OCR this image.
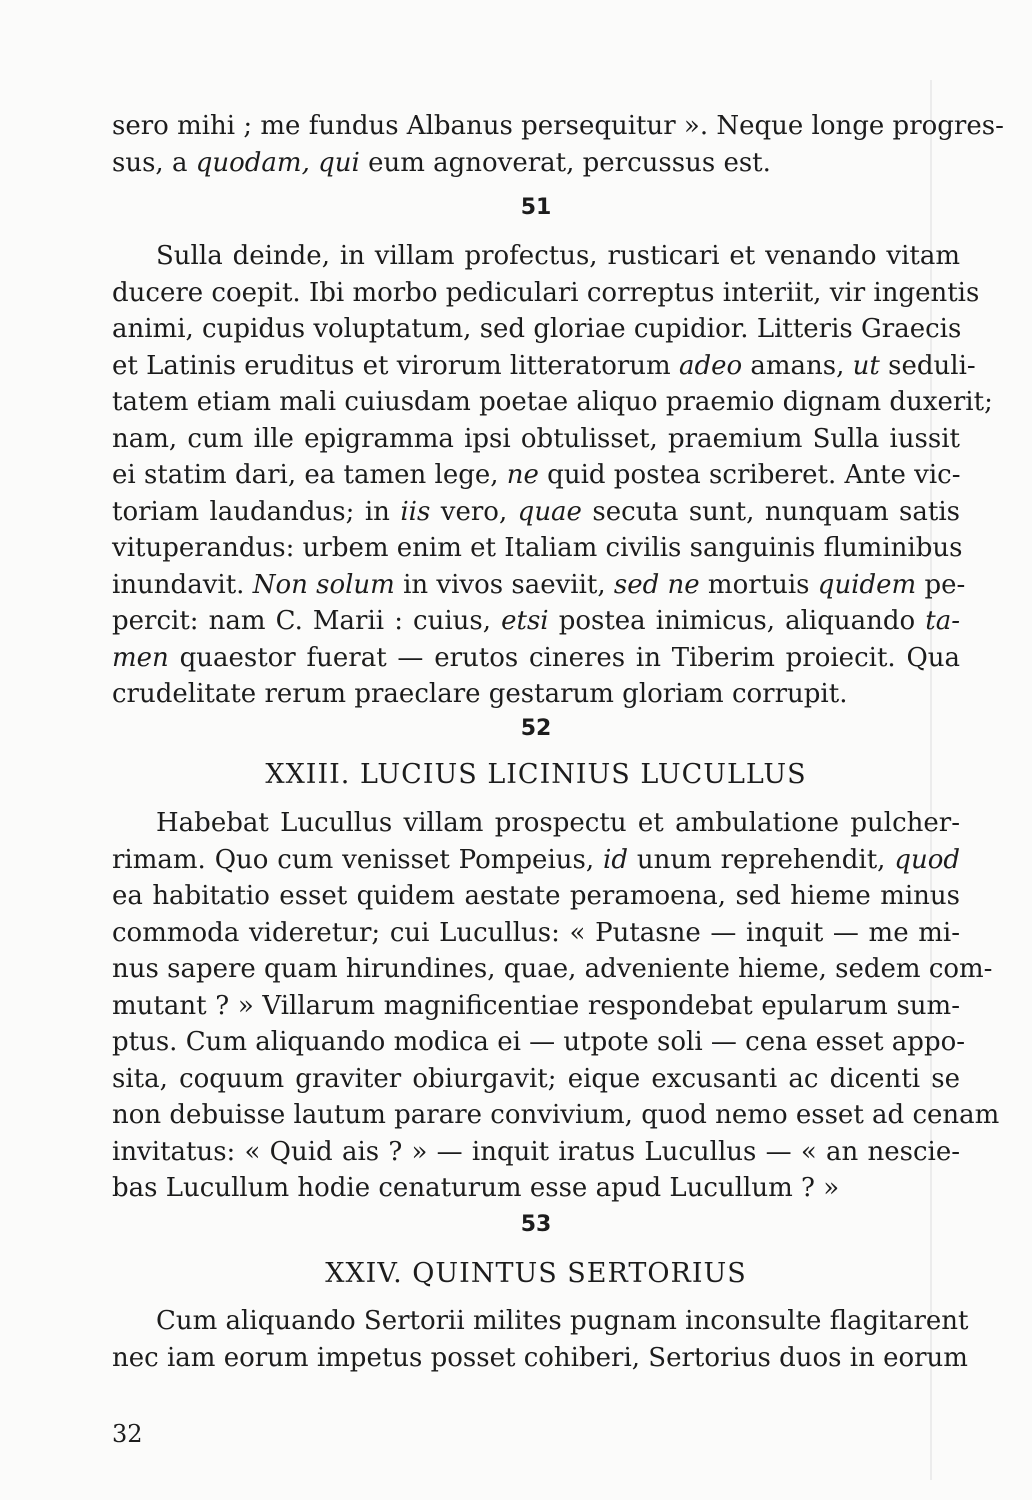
sero mihi ; me fundus Albanus persequitur ». Neque longe progres-
sus, a quodam, qui eum agnoverat, percussus est.
51
Sulla deinde, in villam profectus, rusticari et venando vitam
ducere coepit. Ibi morbo pediculari correptus interiit, vir ingentis
animi, cupidus voluptatum, sed gloriae cupidior. Litteris Graecis
et Latinis eruditus et virorum litteratorum adeo amans, ut seduli-
tatem etiam mali cuiusdam poetae aliquo praemio dignam duxerit;
nam, cum ille epigramma ipsi obtulisset, praemium Sulla iussit
ei statim dari, ea tamen lege, ne quid postea scriberet. Ante vic-
toriam laudandus; in iis vero, quae secuta sunt, nunquam satis
vituperandus: urbem enim et Italiam civilis sanguinis fluminibus
inundavit. Non solum in vivos saeviit, sed ne mortuis quidem pe-
percit: nam C. Marii : cuius, etsi postea inimicus, aliquando ta-
men quaestor fuerat — erutos cineres in Tiberim proiecit. Qua
crudelitate rerum praeclare gestarum gloriam corrupit.
52
XXIII. LUCIUS LICINIUS LUCULLUS
Habebat Lucullus villam prospectu et ambulatione pulcher-
rimam. Quo cum venisset Pompeius, id unum reprehendit, quod
ea habitatio esset quidem aestate peramoena, sed hieme minus
commoda videretur; cui Lucullus: « Putasne — inquit — me mi-
nus sapere quam hirundines, quae, adveniente hieme, sedem com-
mutant ? » Villarum magnificentiae respondebat epularum sum-
ptus. Cum aliquando modica ei — utpote soli — cena esset appo-
sita, coquum graviter obiurgavit; eique excusanti ac dicenti se
non debuisse lautum parare convivium, quod nemo esset ad cenam
invitatus: « Quid ais ? » — inquit iratus Lucullus — « an nescie-
bas Lucullum hodie cenaturum esse apud Lucullum ? »
53
XXIV. QUINTUS SERTORIUS
Cum aliquando Sertorii milites pugnam inconsulte flagitarent
nec iam eorum impetus posset cohiberi, Sertorius duos in eorum
32
